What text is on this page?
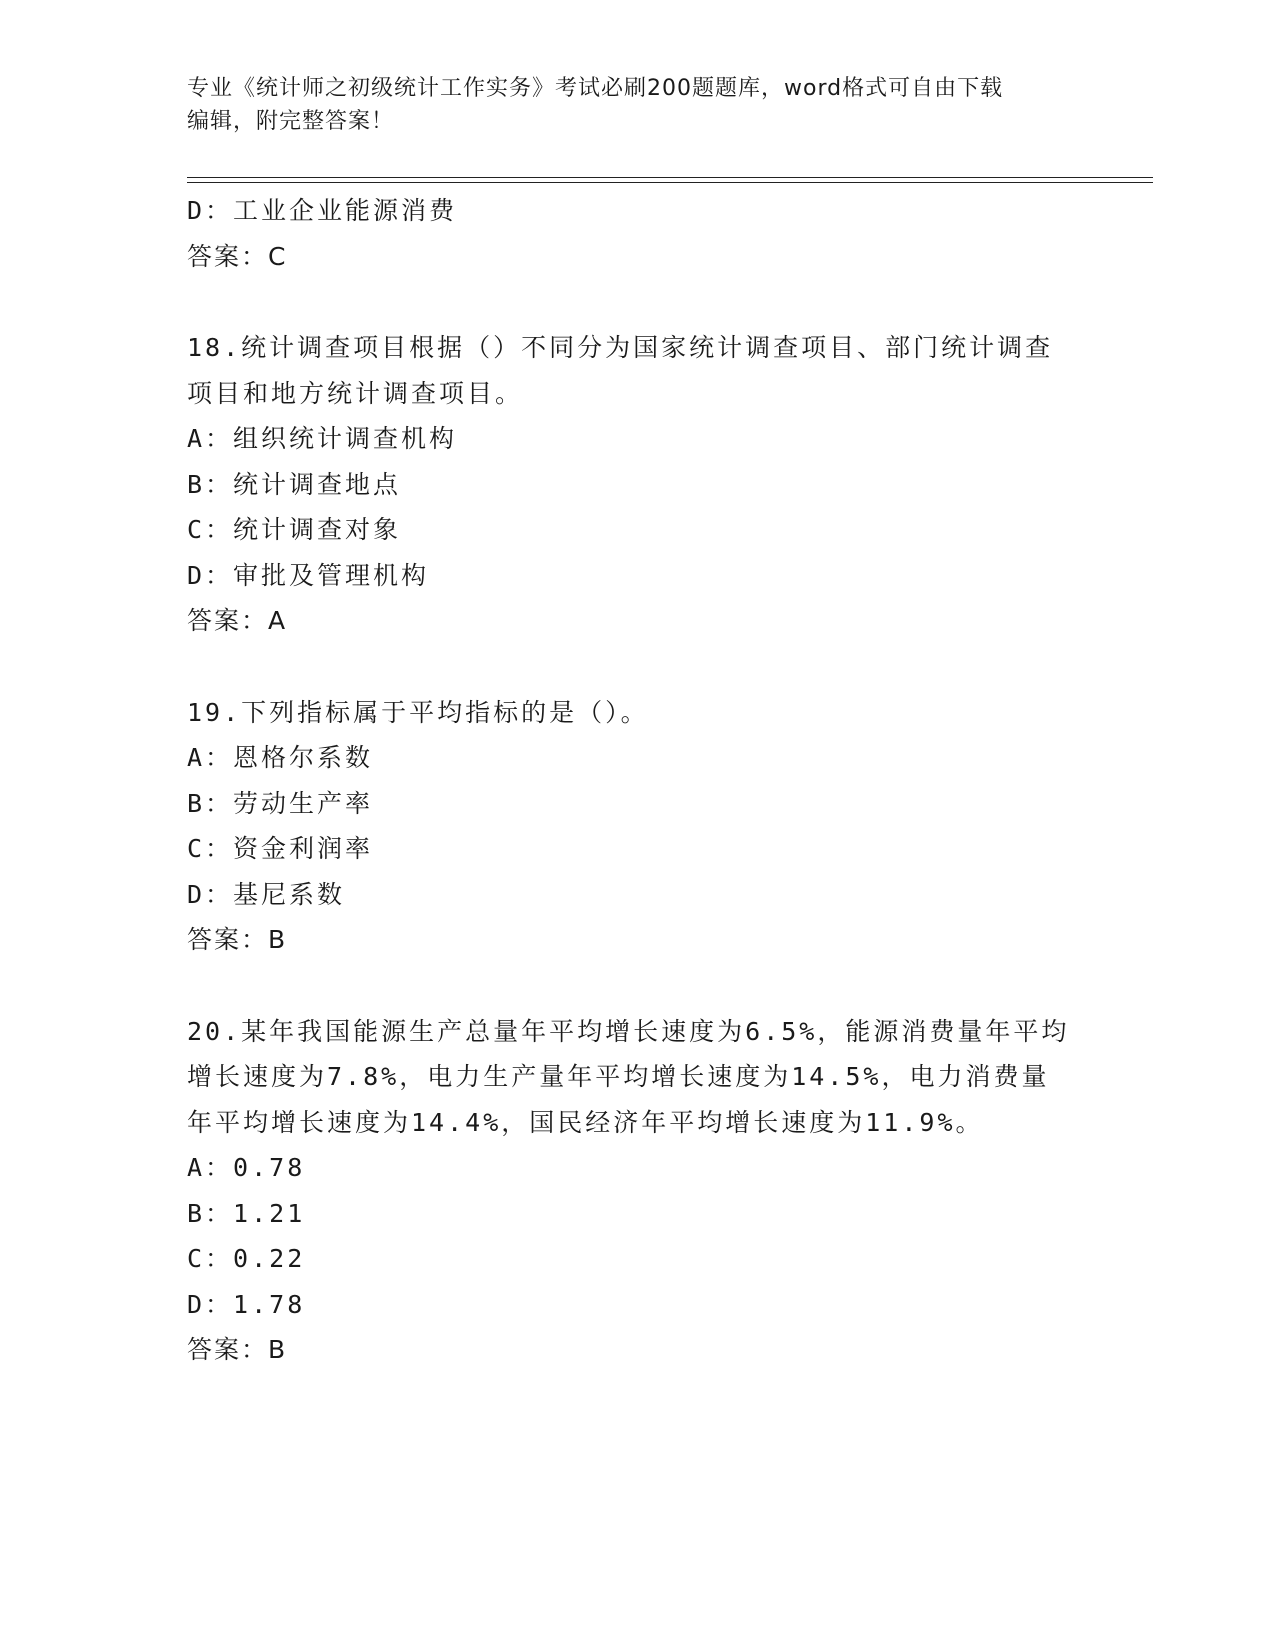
专业《统计师之初级统计工作实务》考试必刷200题题库，word格式可自由下载
编辑，附完整答案！
D：工业企业能源消费
答案：C
18.统计调查项目根据（）不同分为国家统计调查项目、部门统计调查
项目和地方统计调查项目。
A：组织统计调查机构
B：统计调查地点
C：统计调查对象
D：审批及管理机构
答案：A
19.下列指标属于平均指标的是（）。
A：恩格尔系数
B：劳动生产率
C：资金利润率
D：基尼系数
答案：B
20.某年我国能源生产总量年平均增长速度为6.5%，能源消费量年平均
增长速度为7.8%，电力生产量年平均增长速度为14.5%，电力消费量
年平均增长速度为14.4%，国民经济年平均增长速度为11.9%。
A：0.78
B：1.21
C：0.22
D：1.78
答案：B
